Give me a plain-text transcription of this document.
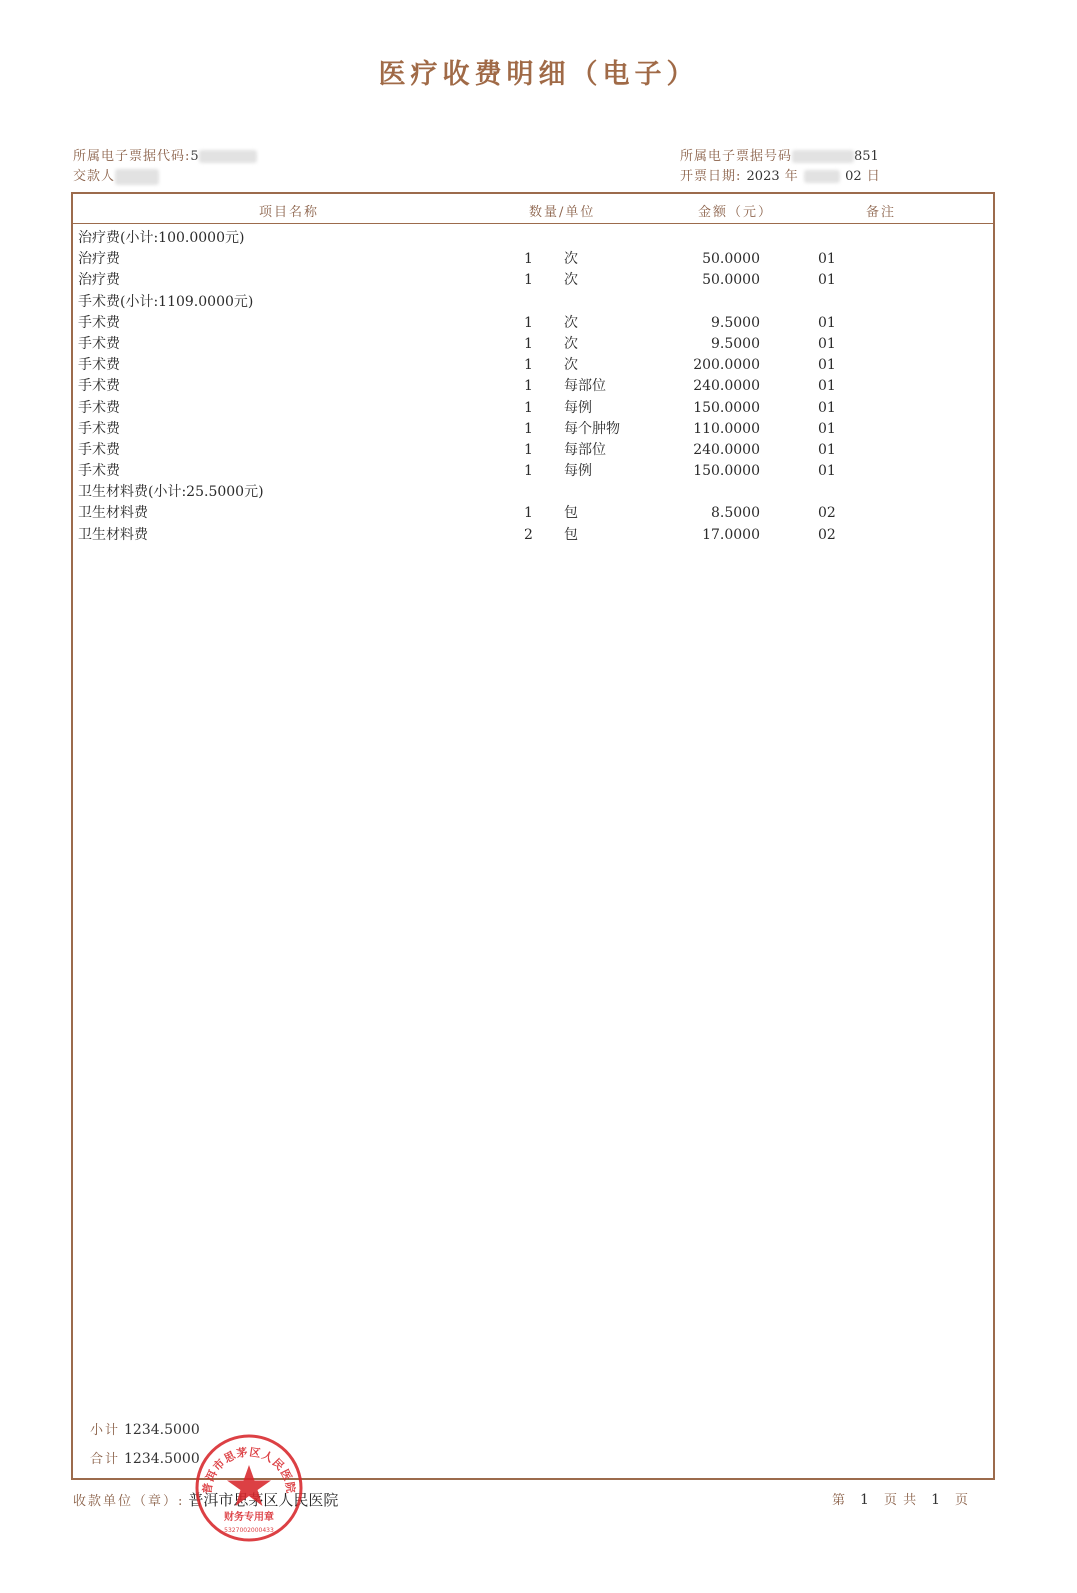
医疗收费明细（电子）
所属电子票据代码:5
交款人
所属电子票据号码	851
开票日期: 2023 年	02 日
项目名称	数量/单位	金额（元）	备注
治疗费(小计:100.0000元)
治疗费	1 次	50.0000	01
治疗费	1 次	50.0000	01
手术费(小计:1109.0000元)
手术费	1 次	9.5000	01
手术费	1 次	9.5000	01
手术费	1 次	200.0000	01
手术费	1 每部位	240.0000	01
手术费	1 每例	150.0000	01
手术费	1 每个肿物	110.0000	01
手术费	1 每部位	240.0000	01
手术费	1 每例	150.0000	01
卫生材料费(小计:25.5000元)
卫生材料费	1 包	8.5000	02
卫生材料费	2 包	17.0000	02
小计 1234.5000
合计 1234.5000
收款单位（章）: 普洱市思茅区人民医院	第 1 页 共 1 页
普洱市思茅区人民医院
财务专用章
5327002000433
